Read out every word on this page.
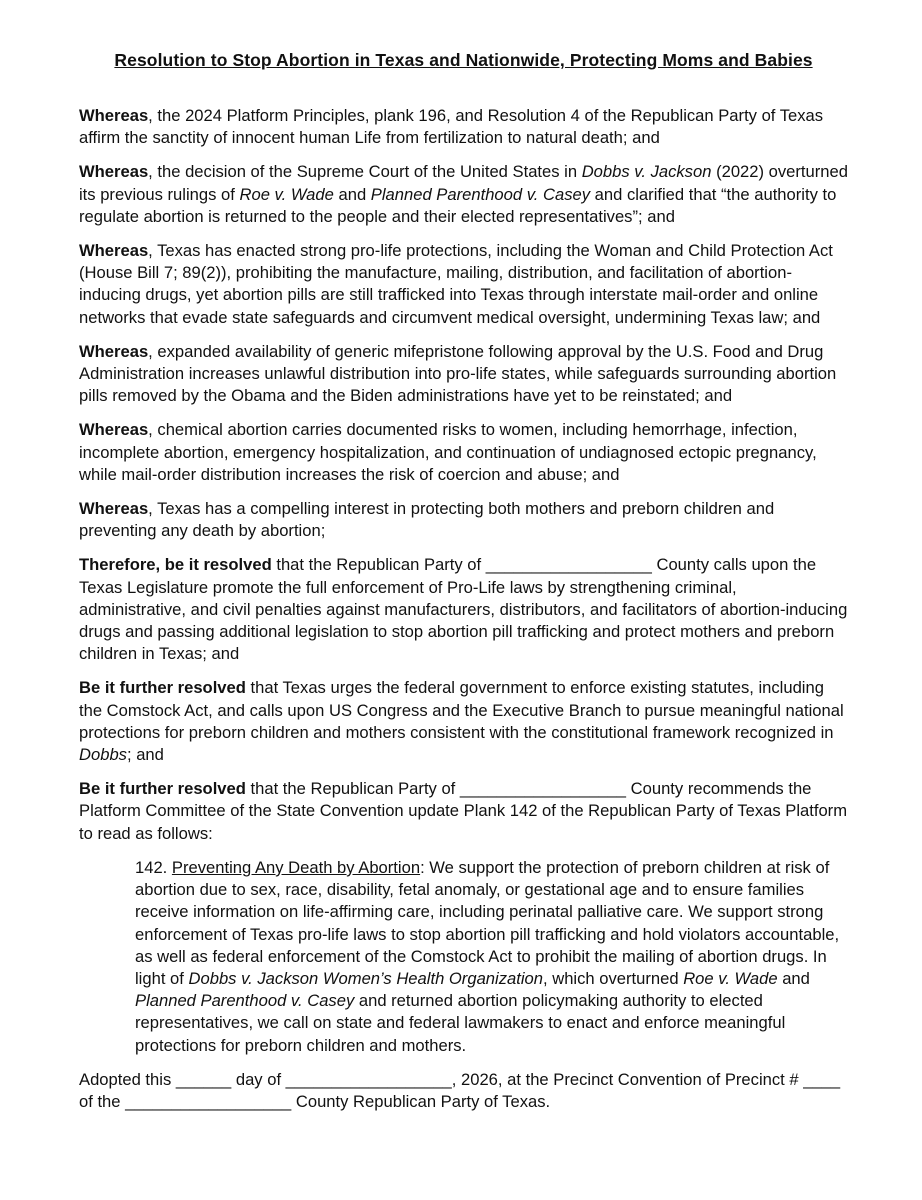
Resolution to Stop Abortion in Texas and Nationwide, Protecting Moms and Babies

Whereas, the 2024 Platform Principles, plank 196, and Resolution 4 of the Republican Party of Texas affirm the sanctity of innocent human Life from fertilization to natural death; and

Whereas, the decision of the Supreme Court of the United States in Dobbs v. Jackson (2022) overturned its previous rulings of Roe v. Wade and Planned Parenthood v. Casey and clarified that “the authority to regulate abortion is returned to the people and their elected representatives”; and

Whereas, Texas has enacted strong pro-life protections, including the Woman and Child Protection Act (House Bill 7; 89(2)), prohibiting the manufacture, mailing, distribution, and facilitation of abortion-inducing drugs, yet abortion pills are still trafficked into Texas through interstate mail-order and online networks that evade state safeguards and circumvent medical oversight, undermining Texas law; and

Whereas, expanded availability of generic mifepristone following approval by the U.S. Food and Drug Administration increases unlawful distribution into pro-life states, while safeguards surrounding abortion pills removed by the Obama and the Biden administrations have yet to be reinstated; and

Whereas, chemical abortion carries documented risks to women, including hemorrhage, infection, incomplete abortion, emergency hospitalization, and continuation of undiagnosed ectopic pregnancy, while mail-order distribution increases the risk of coercion and abuse; and

Whereas, Texas has a compelling interest in protecting both mothers and preborn children and preventing any death by abortion;

Therefore, be it resolved that the Republican Party of __________________ County calls upon the Texas Legislature promote the full enforcement of Pro-Life laws by strengthening criminal, administrative, and civil penalties against manufacturers, distributors, and facilitators of abortion-inducing drugs and passing additional legislation to stop abortion pill trafficking and protect mothers and preborn children in Texas; and

Be it further resolved that Texas urges the federal government to enforce existing statutes, including the Comstock Act, and calls upon US Congress and the Executive Branch to pursue meaningful national protections for preborn children and mothers consistent with the constitutional framework recognized in Dobbs; and

Be it further resolved that the Republican Party of __________________ County recommends the Platform Committee of the State Convention update Plank 142 of the Republican Party of Texas Platform to read as follows:

142. Preventing Any Death by Abortion: We support the protection of preborn children at risk of abortion due to sex, race, disability, fetal anomaly, or gestational age and to ensure families receive information on life-affirming care, including perinatal palliative care. We support strong enforcement of Texas pro-life laws to stop abortion pill trafficking and hold violators accountable, as well as federal enforcement of the Comstock Act to prohibit the mailing of abortion drugs. In light of Dobbs v. Jackson Women’s Health Organization, which overturned Roe v. Wade and Planned Parenthood v. Casey and returned abortion policymaking authority to elected representatives, we call on state and federal lawmakers to enact and enforce meaningful protections for preborn children and mothers.

Adopted this ______ day of __________________, 2026, at the Precinct Convention of Precinct # ____ of the __________________ County Republican Party of Texas.
